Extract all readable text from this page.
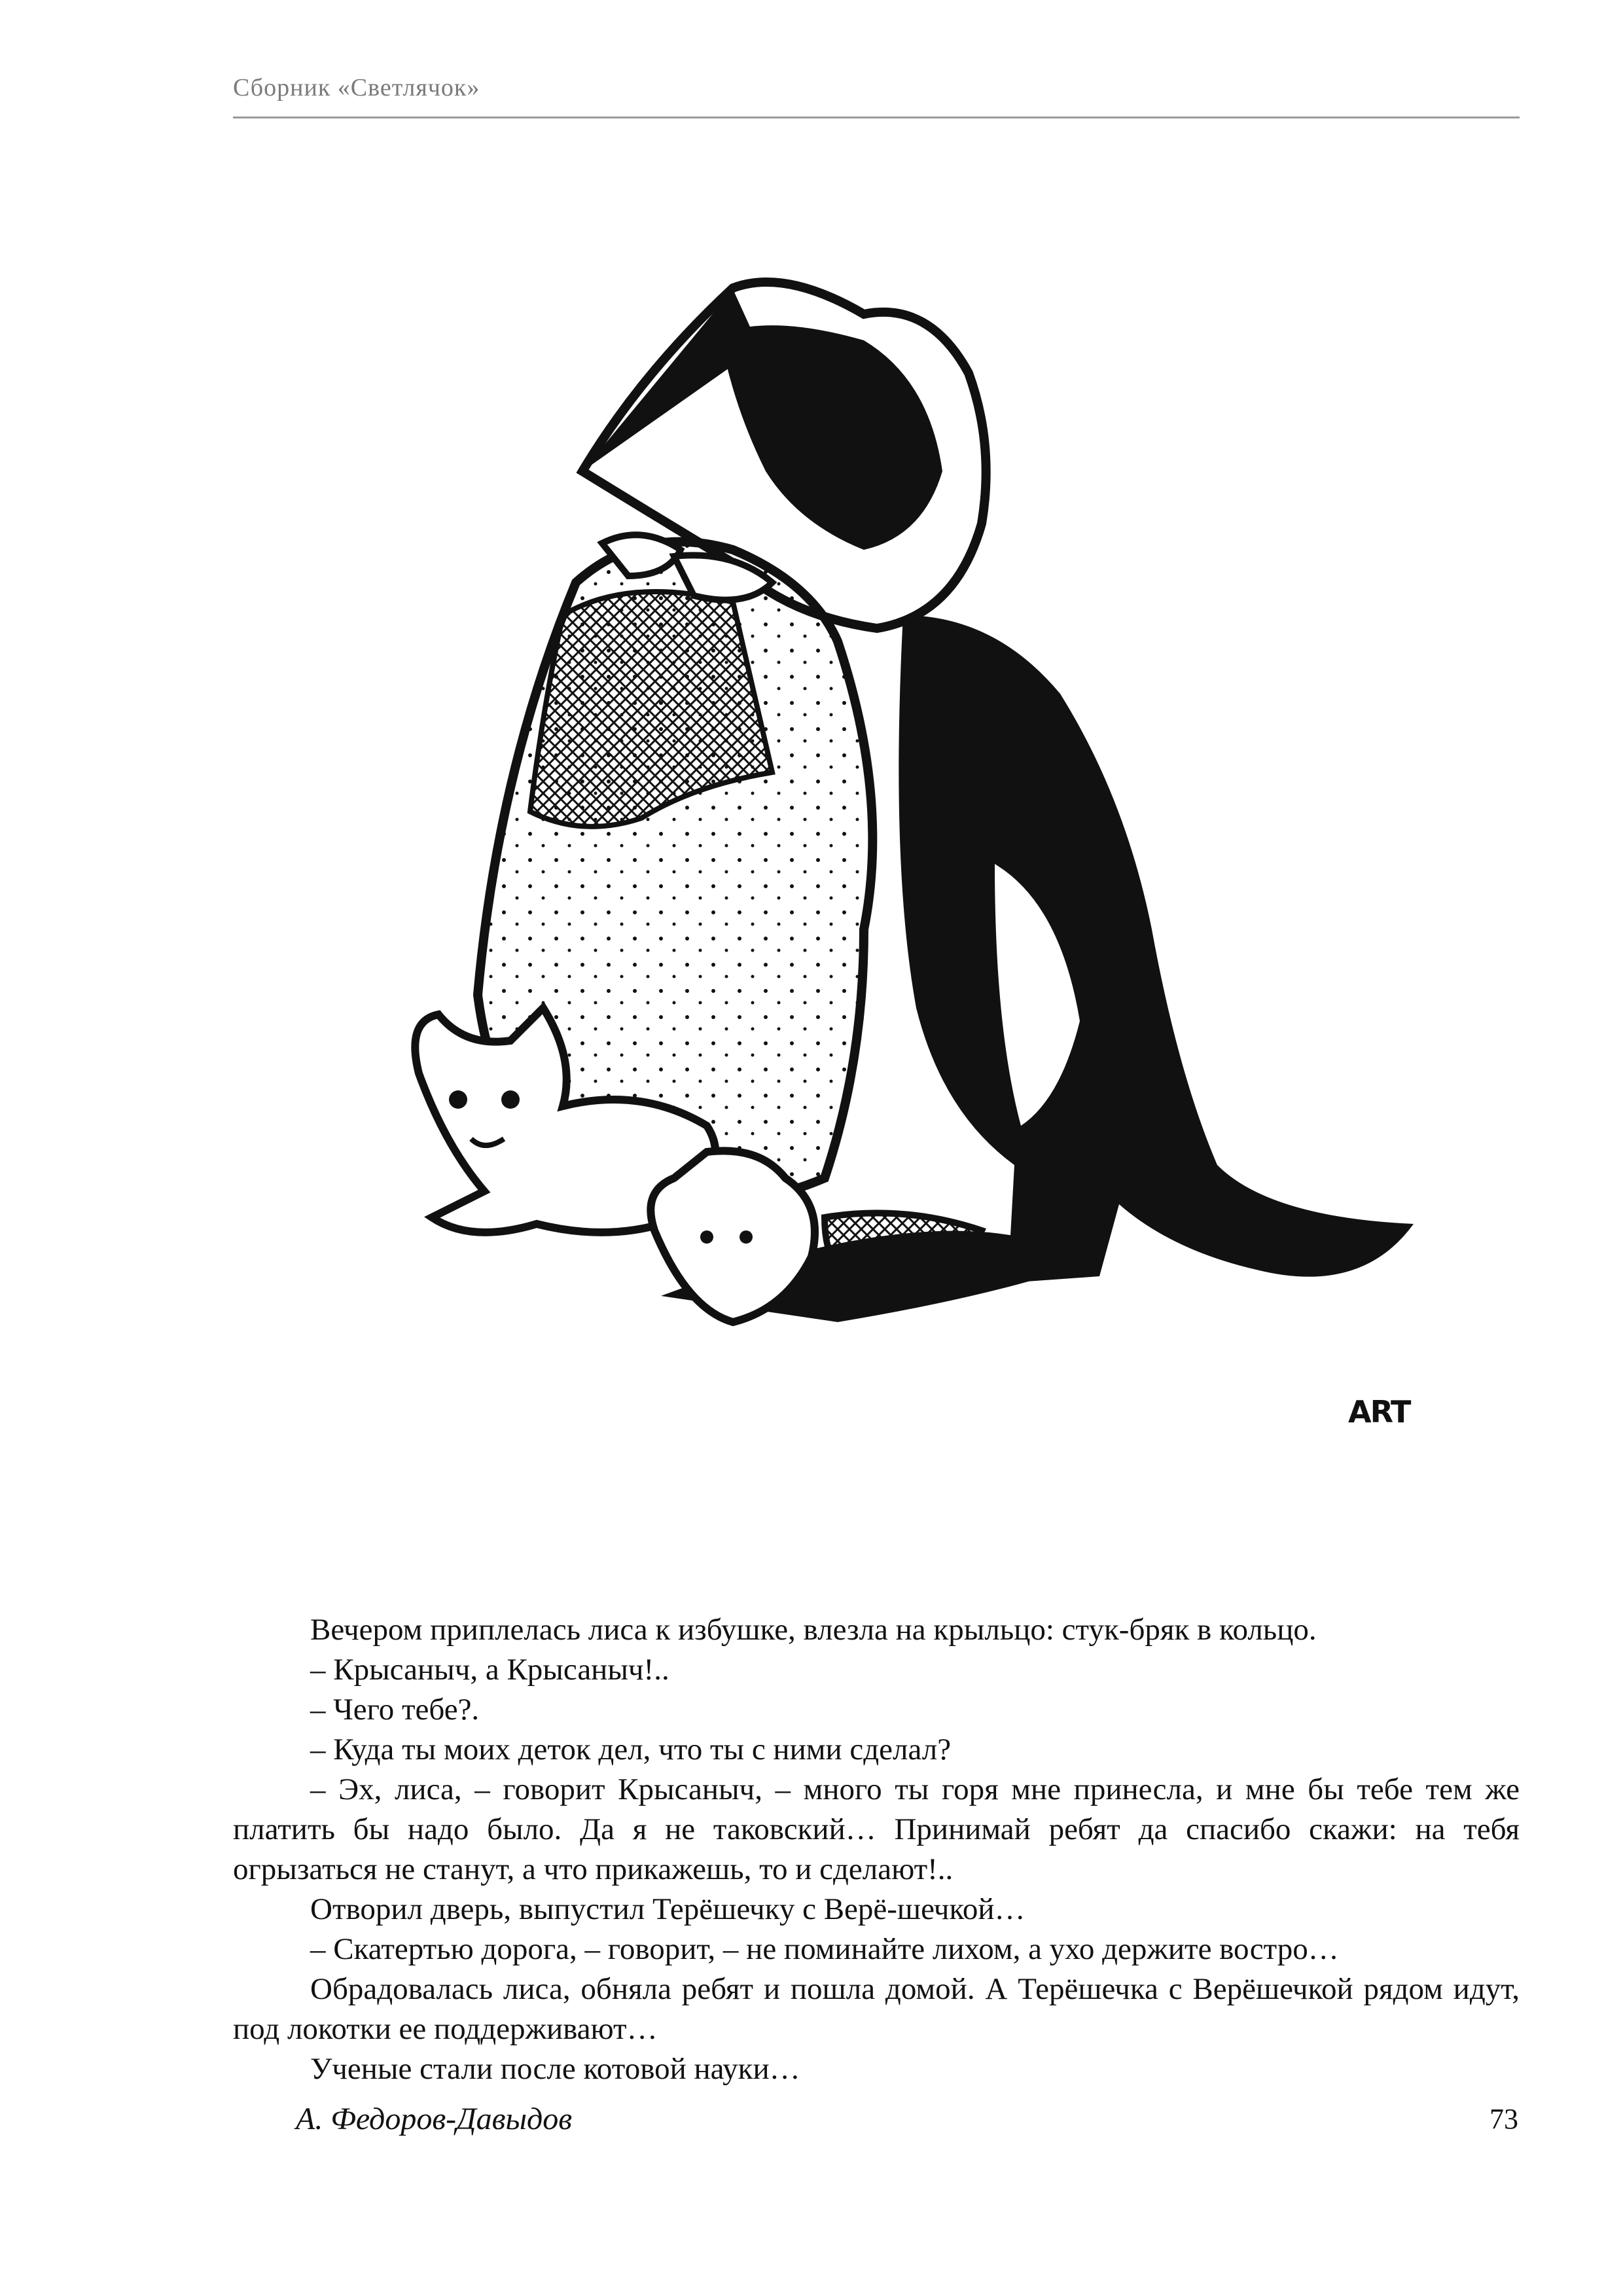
Сборник «Светлячок»
ART

Вечером приплелась лиса к избушке, влезла на крыльцо: стук-бряк в кольцо.

– Крысаныч, а Крысаныч!..

– Чего тебе?.

– Куда ты моих деток дел, что ты с ними сделал?

– Эх, лиса, – говорит Крысаныч, – много ты горя мне принесла, и мне бы тебе тем же платить бы надо было. Да я не таковский… Принимай ребят да спасибо скажи: на тебя огрызаться не станут, а что прикажешь, то и сделают!..

Отворил дверь, выпустил Терёшечку с Верё-шечкой…

– Скатертью дорога, – говорит, – не поминайте лихом, а ухо держите востро…

Обрадовалась лиса, обняла ребят и пошла домой. А Терёшечка с Верёшечкой рядом идут, под локотки ее поддерживают…

Ученые стали после котовой науки…

А. Федоров-Давыдов	73
